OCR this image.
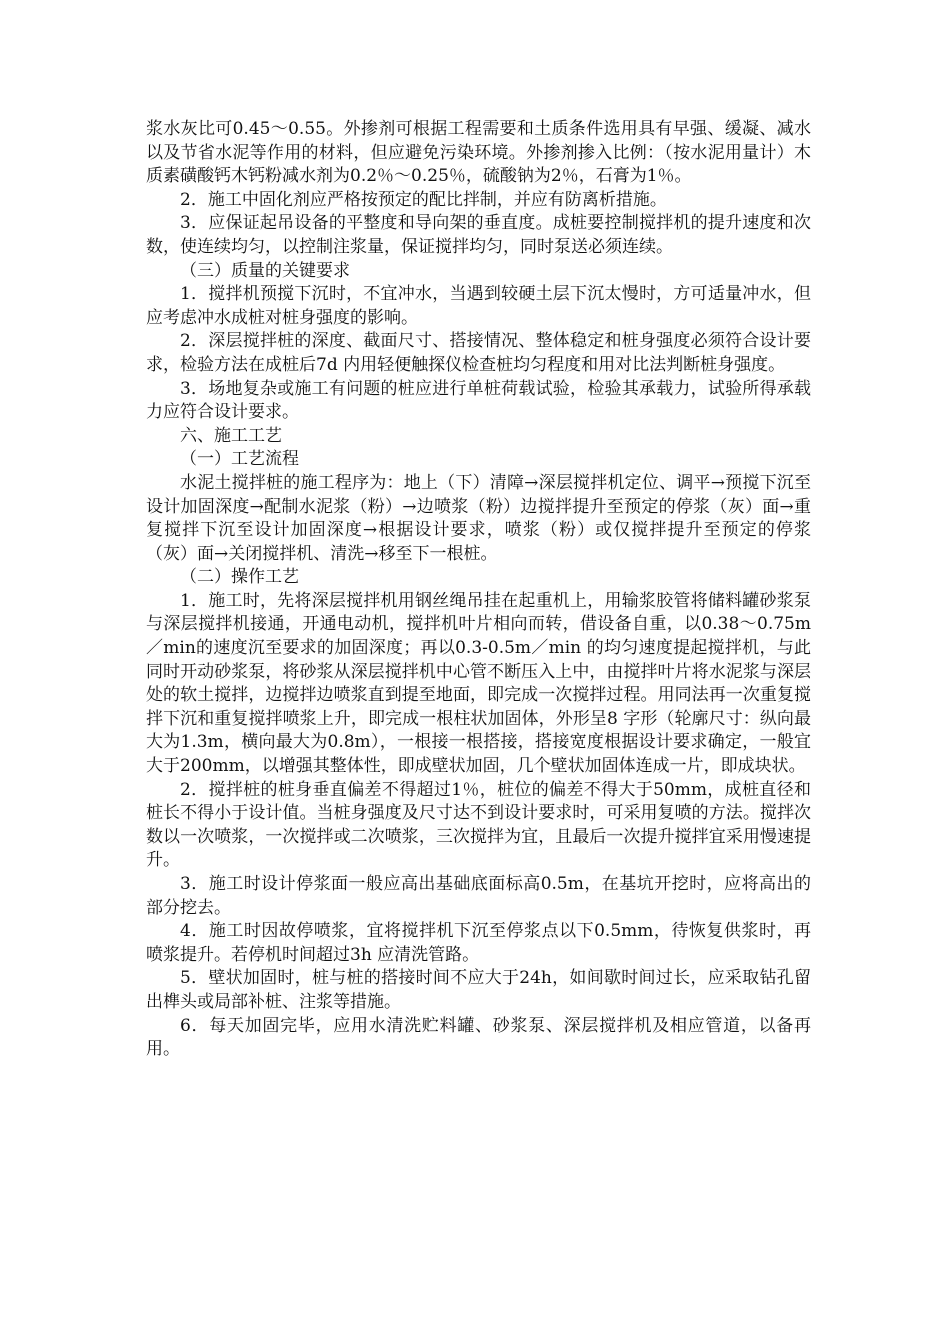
浆水灰比可0.45～0.55。外掺剂可根据工程需要和土质条件选用具有早强、缓凝、减水以及节省水泥等作用的材料，但应避免污染环境。外掺剂掺入比例：（按水泥用量计）木质素磺酸钙木钙粉减水剂为0.2％～0.25％，硫酸钠为2％，石膏为1％。

2．施工中固化剂应严格按预定的配比拌制，并应有防离析措施。

3．应保证起吊设备的平整度和导向架的垂直度。成桩要控制搅拌机的提升速度和次数，使连续均匀，以控制注浆量，保证搅拌均匀，同时泵送必须连续。

（三）质量的关键要求

1．搅拌机预搅下沉时，不宜冲水，当遇到较硬土层下沉太慢时，方可适量冲水，但应考虑冲水成桩对桩身强度的影响。

2．深层搅拌桩的深度、截面尺寸、搭接情况、整体稳定和桩身强度必须符合设计要求，检验方法在成桩后7d 内用轻便触探仪检查桩均匀程度和用对比法判断桩身强度。

3．场地复杂或施工有问题的桩应进行单桩荷载试验，检验其承载力，试验所得承载力应符合设计要求。

六、施工工艺

（一）工艺流程

水泥土搅拌桩的施工程序为：地上（下）清障→深层搅拌机定位、调平→预搅下沉至设计加固深度→配制水泥浆（粉）→边喷浆（粉）边搅拌提升至预定的停浆（灰）面→重复搅拌下沉至设计加固深度→根据设计要求，喷浆（粉）或仅搅拌提升至预定的停浆（灰）面→关闭搅拌机、清洗→移至下一根桩。

（二）操作工艺

1．施工时，先将深层搅拌机用钢丝绳吊挂在起重机上，用输浆胶管将储料罐砂浆泵与深层搅拌机接通，开通电动机，搅拌机叶片相向而转，借设备自重，以0.38～0.75m／min的速度沉至要求的加固深度；再以0.3-0.5m／min 的均匀速度提起搅拌机，与此同时开动砂浆泵，将砂浆从深层搅拌机中心管不断压入上中，由搅拌叶片将水泥浆与深层处的软土搅拌，边搅拌边喷浆直到提至地面，即完成一次搅拌过程。用同法再一次重复搅拌下沉和重复搅拌喷浆上升，即完成一根柱状加固体，外形呈8 字形（轮廓尺寸：纵向最大为1.3m，横向最大为0.8m），一根接一根搭接，搭接宽度根据设计要求确定，一般宜大于200mm，以增强其整体性，即成壁状加固，几个壁状加固体连成一片，即成块状。

2．搅拌桩的桩身垂直偏差不得超过1％，桩位的偏差不得大于50mm，成桩直径和桩长不得小于设计值。当桩身强度及尺寸达不到设计要求时，可采用复喷的方法。搅拌次数以一次喷浆，一次搅拌或二次喷浆，三次搅拌为宜，且最后一次提升搅拌宜采用慢速提升。

3．施工时设计停浆面一般应高出基础底面标高0.5m，在基坑开挖时，应将高出的部分挖去。

4．施工时因故停喷浆，宜将搅拌机下沉至停浆点以下0.5mm，待恢复供浆时，再喷浆提升。若停机时间超过3h 应清洗管路。

5．壁状加固时，桩与桩的搭接时间不应大于24h，如间歇时间过长，应采取钻孔留出榫头或局部补桩、注浆等措施。

6．每天加固完毕，应用水清洗贮料罐、砂浆泵、深层搅拌机及相应管道，以备再用。
